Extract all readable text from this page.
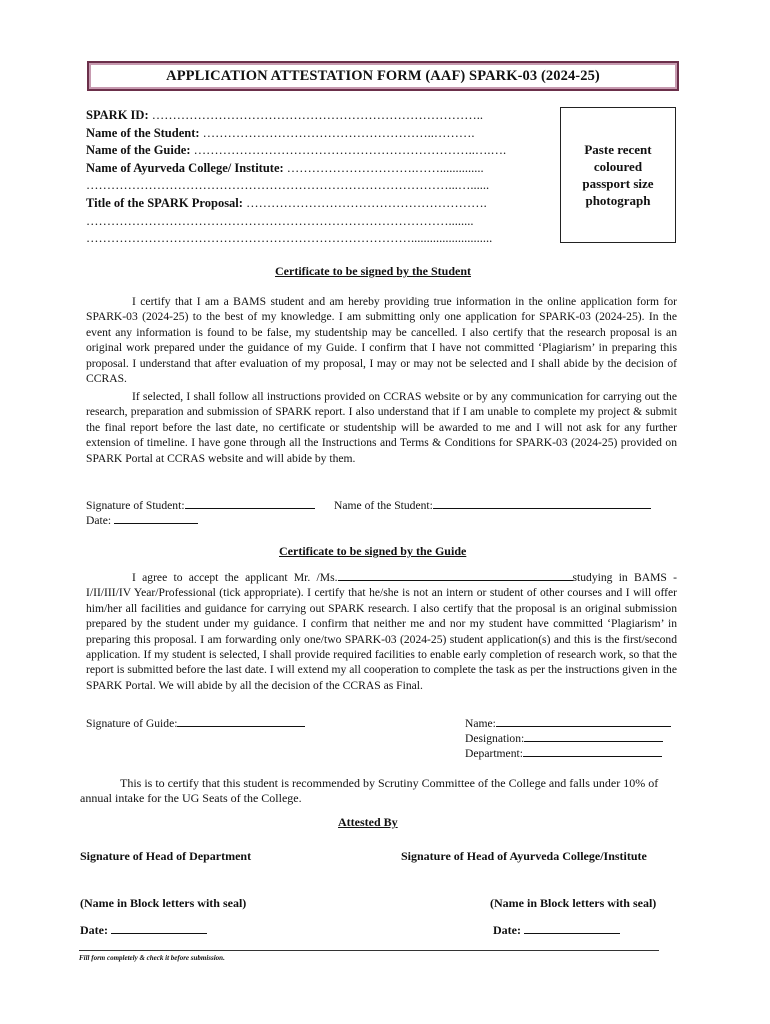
APPLICATION ATTESTATION FORM (AAF) SPARK-03 (2024-25)
SPARK ID: ……………………………………………………………………..
Name of the Student: ………………………………………………..……….
Name of the Guide: …………………………………………………………..….….
Name of Ayurveda College/ Institute: ………………………….……..............
……………………………………………………………………………...…......
Title of the SPARK Proposal: ………………………………………………….
……………………………………………………………………………........
……………………………………………………………………..........................
Paste recent
coloured
passport size
photograph
Certificate to be signed by the Student
I certify that I am a BAMS student and am hereby providing true information in the online application form for SPARK-03 (2024-25) to the best of my knowledge. I am submitting only one application for SPARK-03 (2024-25). In the event any information is found to be false, my studentship may be cancelled. I also certify that the research proposal is an original work prepared under the guidance of my Guide. I confirm that I have not committed ‘Plagiarism’ in preparing this proposal. I understand that after evaluation of my proposal, I may or may not be selected and I shall abide by the decision of CCRAS.
If selected, I shall follow all instructions provided on CCRAS website or by any communication for carrying out the research, preparation and submission of SPARK report. I also understand that if I am unable to complete my project & submit the final report before the last date, no certificate or studentship will be awarded to me and I will not ask for any further extension of timeline. I have gone through all the Instructions and Terms & Conditions for SPARK-03 (2024-25) provided on SPARK Portal at CCRAS website and will abide by them.
Signature of Student:	Name of the Student:
Date:
Certificate to be signed by the Guide
I agree to accept the applicant Mr. /Ms.	studying in BAMS -I/II/III/IV Year/Professional (tick appropriate). I certify that he/she is not an intern or student of other courses and I will offer him/her all facilities and guidance for carrying out SPARK research. I also certify that the proposal is an original submission prepared by the student under my guidance. I confirm that neither me and nor my student have committed ‘Plagiarism’ in preparing this proposal. I am forwarding only one/two SPARK-03 (2024-25) student application(s) and this is the first/second application. If my student is selected, I shall provide required facilities to enable early completion of research work, so that the report is submitted before the last date. I will extend my all cooperation to complete the task as per the instructions given in the SPARK Portal. We will abide by all the decision of the CCRAS as Final.
Signature of Guide:	Name:
Designation:
Department:
This is to certify that this student is recommended by Scrutiny Committee of the College and falls under 10% of annual intake for the UG Seats of the College.
Attested By
Signature of Head of Department	Signature of Head of Ayurveda College/Institute
(Name in Block letters with seal)	(Name in Block letters with seal)
Date:	Date:
Fill form completely & check it before submission.
